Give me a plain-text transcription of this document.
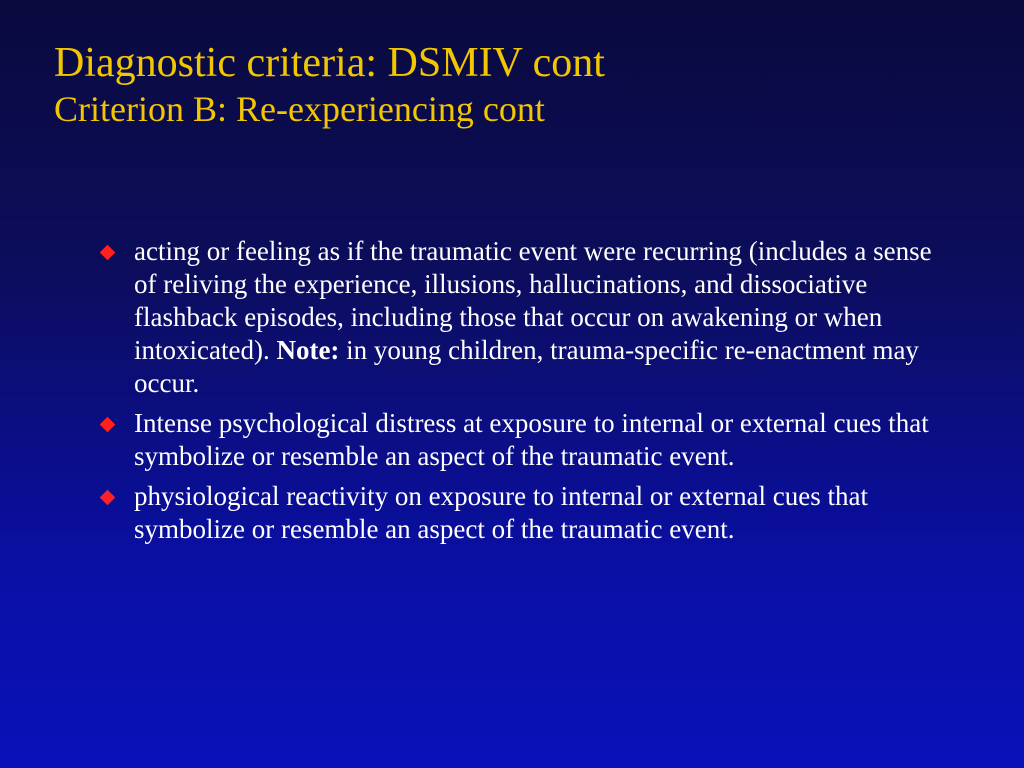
Diagnostic criteria: DSMIV cont
Criterion B: Re-experiencing cont
acting or feeling as if the traumatic event were recurring (includes a sense of reliving the experience, illusions, hallucinations, and dissociative flashback episodes, including those that occur on awakening or when intoxicated). Note: in young children, trauma-specific re-enactment may occur.
Intense psychological distress at exposure to internal or external cues that symbolize or resemble an aspect of the traumatic event.
physiological reactivity on exposure to internal or external cues that symbolize or resemble an aspect of the traumatic event.
